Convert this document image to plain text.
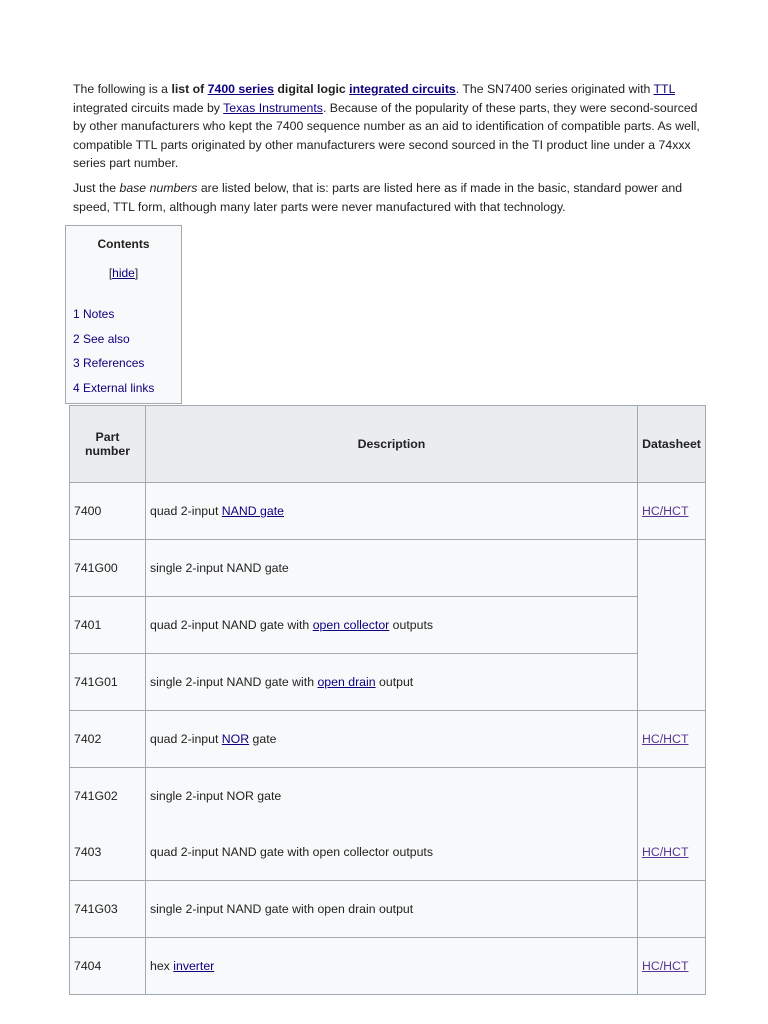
The following is a list of 7400 series digital logic integrated circuits. The SN7400 series originated with TTL integrated circuits made by Texas Instruments. Because of the popularity of these parts, they were second-sourced by other manufacturers who kept the 7400 sequence number as an aid to identification of compatible parts. As well, compatible TTL parts originated by other manufacturers were second sourced in the TI product line under a 74xxx series part number.

Just the base numbers are listed below, that is: parts are listed here as if made in the basic, standard power and speed, TTL form, although many later parts were never manufactured with that technology.

Contents
[hide]
1 Notes
2 See also
3 References
4 External links
Part
number	Description	Datasheet
7400	quad 2-input NAND gate	HC/HCT
741G00	single 2-input NAND gate	
7401	quad 2-input NAND gate with open collector outputs	
741G01	single 2-input NAND gate with open drain output	
7402	quad 2-input NOR gate	HC/HCT
741G02	single 2-input NOR gate	
7403	quad 2-input NAND gate with open collector outputs	HC/HCT
741G03	single 2-input NAND gate with open drain output	
7404	hex inverter	HC/HCT
